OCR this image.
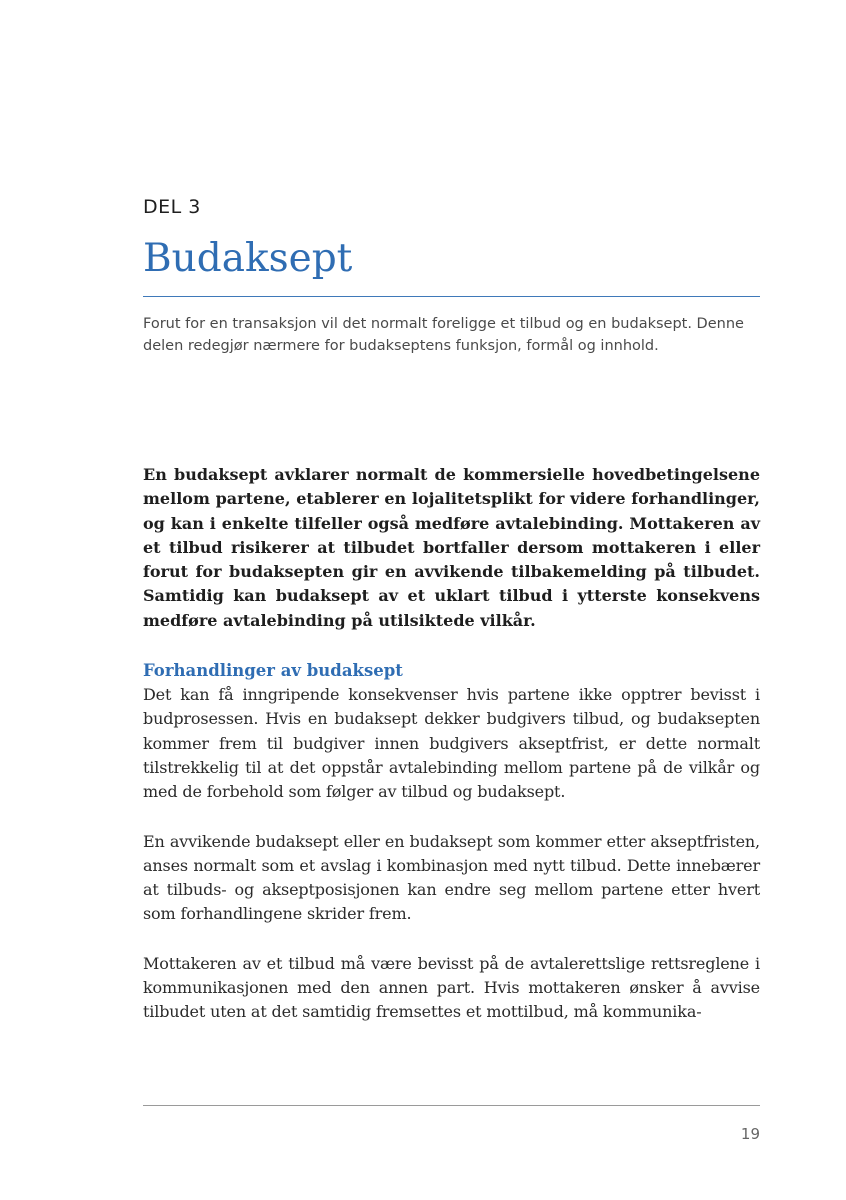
DEL 3
Budaksept
Forut for en transaksjon vil det normalt foreligge et tilbud og en budaksept. Denne delen redegjør nærmere for budakseptens funksjon, formål og innhold.

En budaksept avklarer normalt de kommersielle hovedbetingelsene mellom partene, etablerer en lojalitetsplikt for videre forhandlinger, og kan i enkelte tilfeller også medføre avtalebinding. Mottakeren av et tilbud risikerer at tilbudet bortfaller dersom mottakeren i eller forut for budaksepten gir en avvikende tilbakemelding på tilbudet. Samtidig kan budaksept av et uklart tilbud i ytterste konsekvens medføre avtalebinding på utilsiktede vilkår.

Forhandlinger av budaksept

Det kan få inngripende konsekvenser hvis partene ikke opptrer bevisst i budprosessen. Hvis en budaksept dekker budgivers tilbud, og budaksepten kommer frem til budgiver innen budgivers akseptfrist, er dette normalt tilstrekkelig til at det oppstår avtalebinding mellom partene på de vilkår og med de forbehold som følger av tilbud og budaksept.

En avvikende budaksept eller en budaksept som kommer etter akseptfristen, anses normalt som et avslag i kombinasjon med nytt tilbud. Dette innebærer at tilbuds- og akseptposisjonen kan endre seg mellom partene etter hvert som forhandlingene skrider frem.

Mottakeren av et tilbud må være bevisst på de avtalerettslige rettsreglene i kommunikasjonen med den annen part. Hvis mottakeren ønsker å avvise tilbudet uten at det samtidig fremsettes et mottilbud, må kommunika-

19
